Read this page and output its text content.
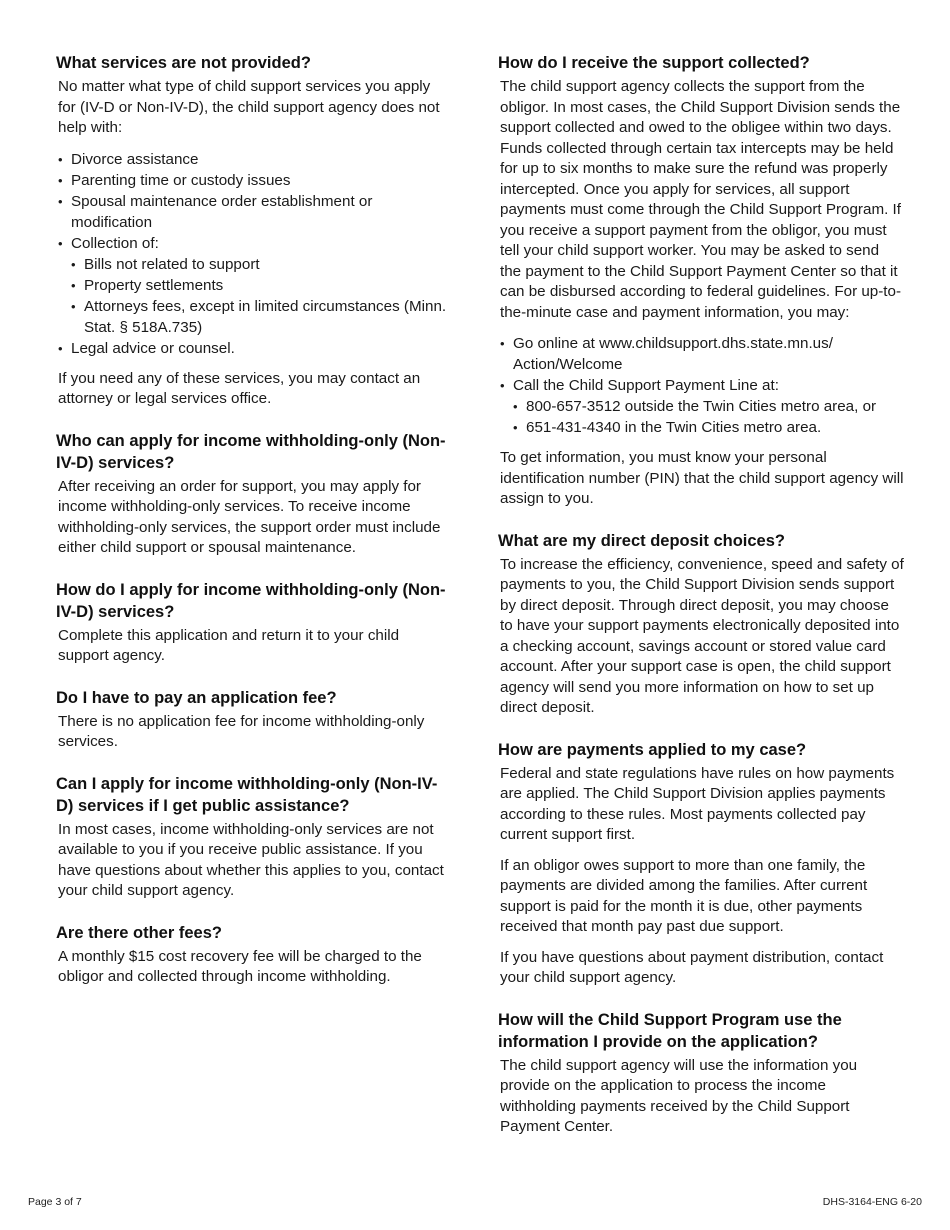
What services are not provided?

No matter what type of child support services you apply for (IV-D or Non-IV-D), the child support agency does not help with:

• Divorce assistance
• Parenting time or custody issues
• Spousal maintenance order establishment or modification
• Collection of:
• Bills not related to support
• Property settlements
• Attorneys fees, except in limited circumstances (Minn. Stat. § 518A.735)
• Legal advice or counsel.

If you need any of these services, you may contact an attorney or legal services office.

Who can apply for income withholding-only (Non-IV-D) services?

After receiving an order for support, you may apply for income withholding-only services. To receive income withholding-only services, the support order must include either child support or spousal maintenance.

How do I apply for income withholding-only (Non-IV-D) services?

Complete this application and return it to your child support agency.

Do I have to pay an application fee?

There is no application fee for income withholding-only services.

Can I apply for income withholding-only (Non-IV-D) services if I get public assistance?

In most cases, income withholding-only services are not available to you if you receive public assistance. If you have questions about whether this applies to you, contact your child support agency.

Are there other fees?

A monthly $15 cost recovery fee will be charged to the obligor and collected through income withholding.

How do I receive the support collected?

The child support agency collects the support from the obligor. In most cases, the Child Support Division sends the support collected and owed to the obligee within two days. Funds collected through certain tax intercepts may be held for up to six months to make sure the refund was properly intercepted. Once you apply for services, all support payments must come through the Child Support Program. If you receive a support payment from the obligor, you must tell your child support worker. You may be asked to send the payment to the Child Support Payment Center so that it can be disbursed according to federal guidelines. For up-to-the-minute case and payment information, you may:

• Go online at www.childsupport.dhs.state.mn.us/ Action/Welcome
• Call the Child Support Payment Line at:
• 800-657-3512 outside the Twin Cities metro area, or
• 651-431-4340 in the Twin Cities metro area.

To get information, you must know your personal identification number (PIN) that the child support agency will assign to you.

What are my direct deposit choices?

To increase the efficiency, convenience, speed and safety of payments to you, the Child Support Division sends support by direct deposit. Through direct deposit, you may choose to have your support payments electronically deposited into a checking account, savings account or stored value card account. After your support case is open, the child support agency will send you more information on how to set up direct deposit.

How are payments applied to my case?

Federal and state regulations have rules on how payments are applied. The Child Support Division applies payments according to these rules. Most payments collected pay current support first.

If an obligor owes support to more than one family, the payments are divided among the families. After current support is paid for the month it is due, other payments received that month pay past due support.

If you have questions about payment distribution, contact your child support agency.

How will the Child Support Program use the information I provide on the application?

The child support agency will use the information you provide on the application to process the income withholding payments received by the Child Support Payment Center.

Page 3 of 7	DHS-3164-ENG 6-20
